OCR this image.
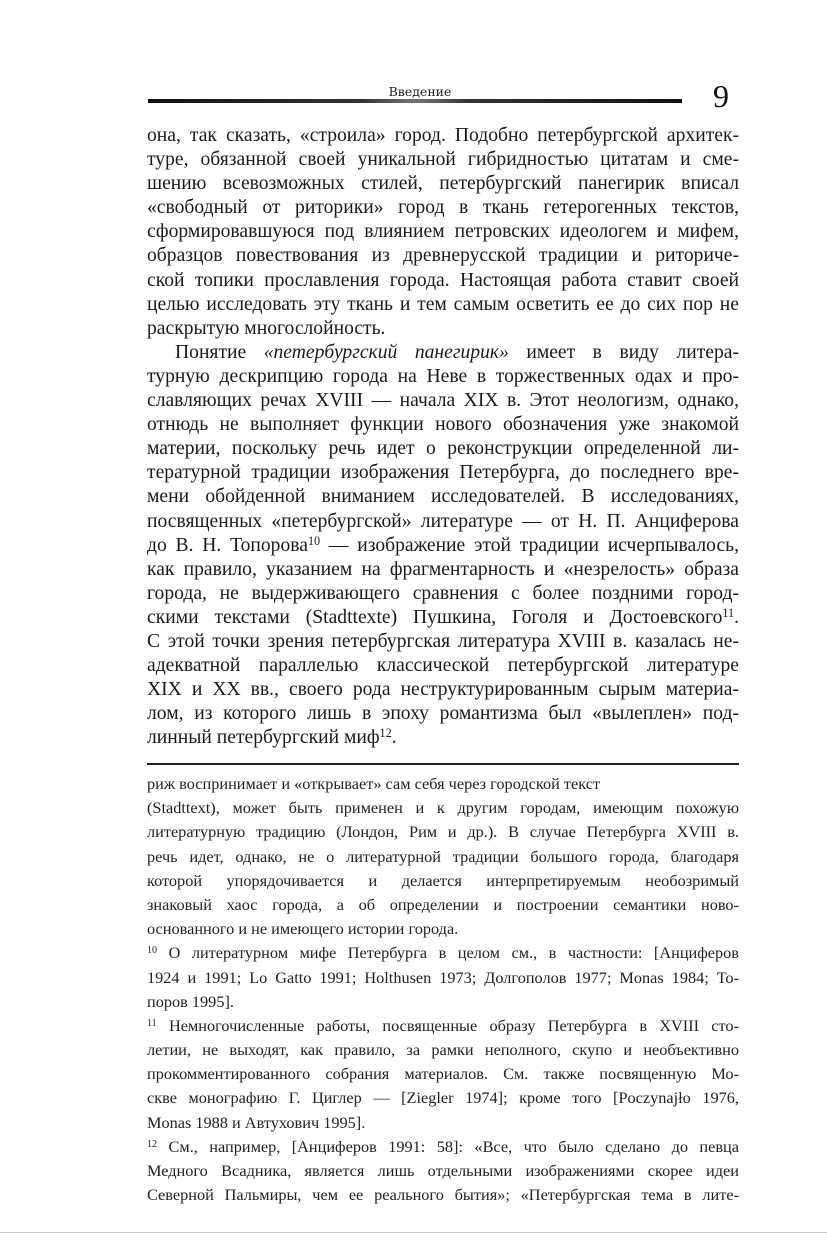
Введение	9
она, так сказать, «строила» город. Подобно петербургской архитек-
туре, обязанной своей уникальной гибридностью цитатам и сме-
шению всевозможных стилей, петербургский панегирик вписал
«свободный от риторики» город в ткань гетерогенных текстов,
сформировавшуюся под влиянием петровских идеологем и мифем,
образцов повествования из древнерусской традиции и риториче-
ской топики прославления города. Настоящая работа ставит своей
целью исследовать эту ткань и тем самым осветить ее до сих пор не
раскрытую многослойность.
Понятие «петербургский панегирик» имеет в виду литера-
турную дескрипцию города на Неве в торжественных одах и про-
славляющих речах XVIII — начала XIX в. Этот неологизм, однако,
отнюдь не выполняет функции нового обозначения уже знакомой
материи, поскольку речь идет о реконструкции определенной ли-
тературной традиции изображения Петербурга, до последнего вре-
мени обойденной вниманием исследователей. В исследованиях,
посвященных «петербургской» литературе — от Н. П. Анциферова
до В. Н. Топорова$^{10}$ — изображение этой традиции исчерпывалось,
как правило, указанием на фрагментарность и «незрелость» образа
города, не выдерживающего сравнения с более поздними город-
скими текстами (Stadttexte) Пушкина, Гоголя и Достоевского$^{11}$.
С этой точки зрения петербургская литература XVIII в. казалась не-
адекватной параллелью классической петербургской литературе
XIX и XX вв., своего рода неструктурированным сырым материа-
лом, из которого лишь в эпоху романтизма был «вылеплен» под-
линный петербургский миф$^{12}$.
риж воспринимает и «открывает» сам себя через городской текст
(Stadttext), может быть применен и к другим городам, имеющим похожую
литературную традицию (Лондон, Рим и др.). В случае Петербурга XVIII в.
речь идет, однако, не о литературной традиции большого города, благодаря
которой упорядочивается и делается интерпретируемым необозримый
знаковый хаос города, а об определении и построении семантики ново-
основанного и не имеющего истории города.
$^{10}$ О литературном мифе Петербурга в целом см., в частности: [Анциферов
1924 и 1991; Lo Gatto 1991; Holthusen 1973; Долгополов 1977; Monas 1984; То-
поров 1995].
$^{11}$ Немногочисленные работы, посвященные образу Петербурга в XVIII сто-
летии, не выходят, как правило, за рамки неполного, скупо и необъективно
прокомментированного собрания материалов. См. также посвященную Мо-
скве монографию Г. Циглер — [Ziegler 1974]; кроме того [Poczynajło 1976,
Monas 1988 и Автухович 1995].
$^{12}$ См., например, [Анциферов 1991: 58]: «Все, что было сделано до певца
Медного Всадника, является лишь отдельными изображениями скорее идеи
Северной Пальмиры, чем ее реального бытия»; «Петербургская тема в лите-
